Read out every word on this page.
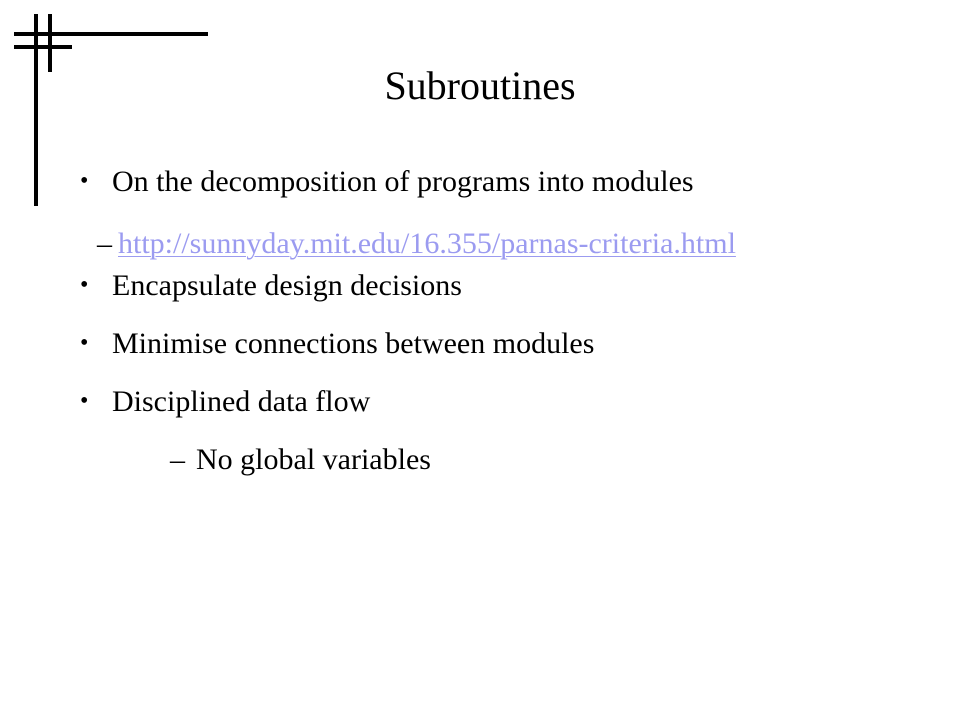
Subroutines
• On the decomposition of programs into modules
– http://sunnyday.mit.edu/16.355/parnas-criteria.html
• Encapsulate design decisions
• Minimise connections between modules
• Disciplined data flow
– No global variables
